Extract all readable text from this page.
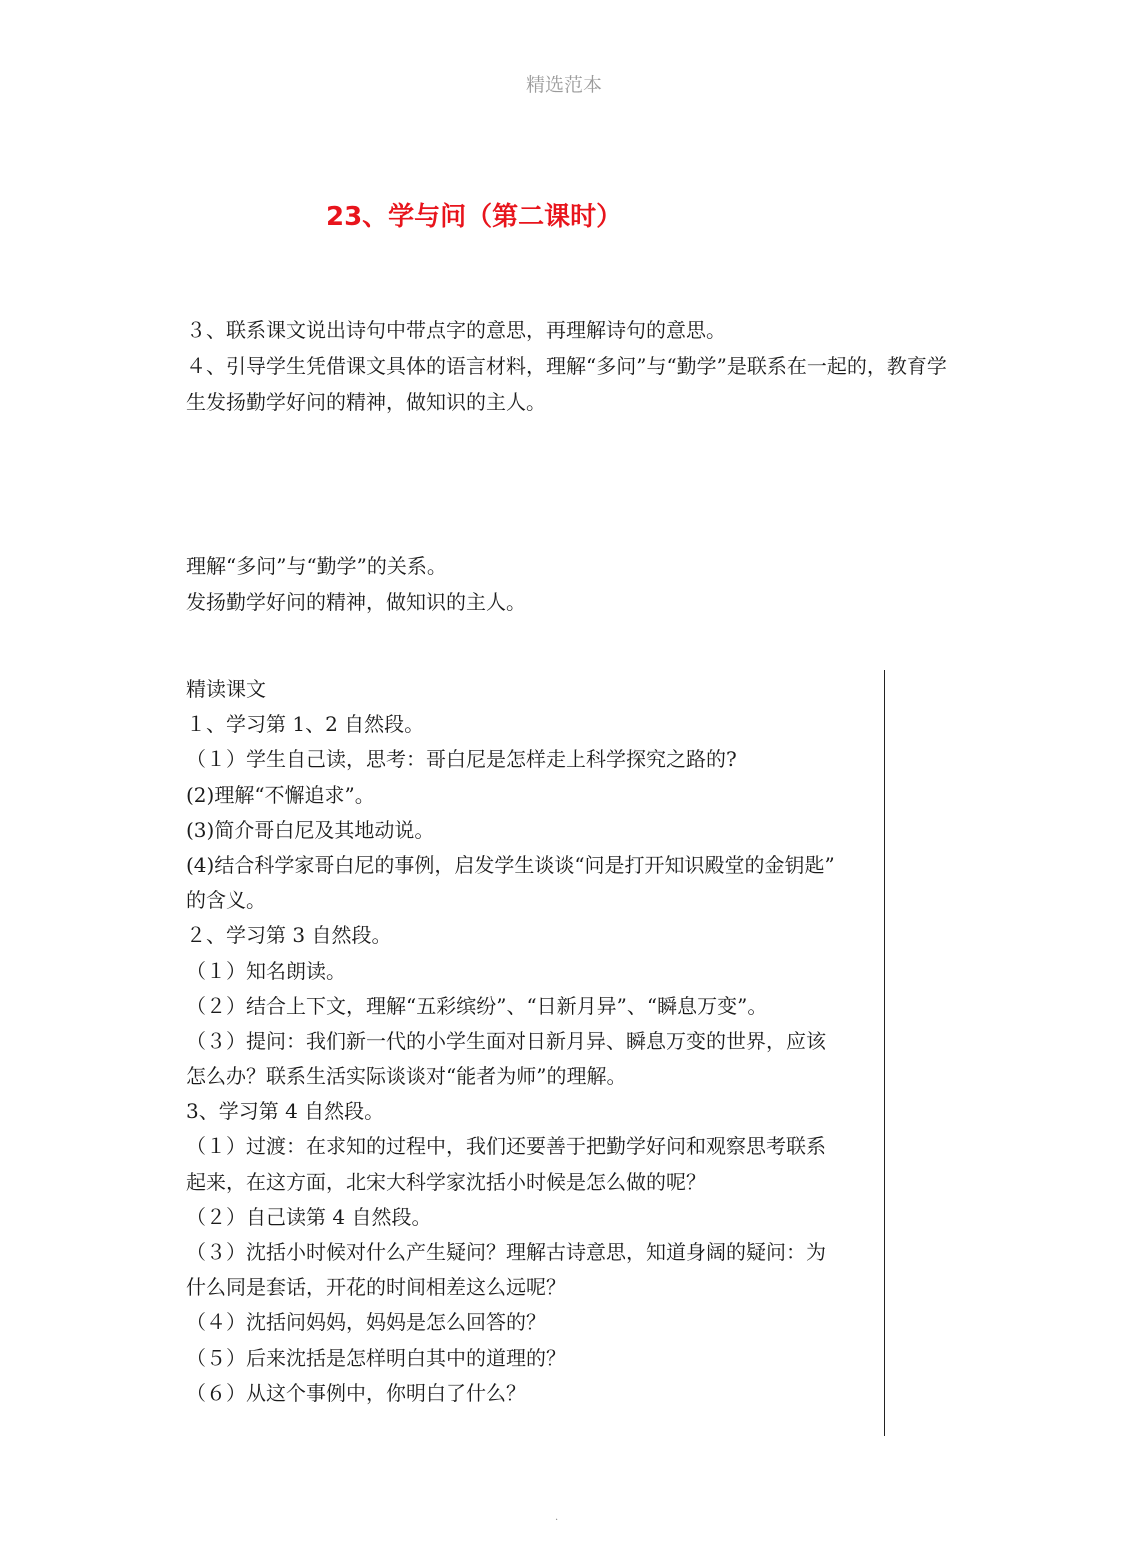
精选范本
23、学与问（第二课时）
３、联系课文说出诗句中带点字的意思，再理解诗句的意思。
４、引导学生凭借课文具体的语言材料，理解“多问”与“勤学”是联系在一起的，教育学
生发扬勤学好问的精神，做知识的主人。
理解“多问”与“勤学”的关系。
发扬勤学好问的精神，做知识的主人。
精读课文
１、学习第 1、2 自然段。
（１）学生自己读，思考：哥白尼是怎样走上科学探究之路的?
(2)理解“不懈追求”。
(3)简介哥白尼及其地动说。
(4)结合科学家哥白尼的事例，启发学生谈谈“问是打开知识殿堂的金钥匙”
的含义。
２、学习第 3 自然段。
（１）知名朗读。
（２）结合上下文，理解“五彩缤纷”、“日新月异”、“瞬息万变”。
（３）提问：我们新一代的小学生面对日新月异、瞬息万变的世界，应该
怎么办？联系生活实际谈谈对“能者为师”的理解。
3、学习第 4 自然段。
（１）过渡：在求知的过程中，我们还要善于把勤学好问和观察思考联系
起来，在这方面，北宋大科学家沈括小时候是怎么做的呢？
（２）自己读第 4 自然段。
（３）沈括小时候对什么产生疑问？理解古诗意思，知道身阔的疑问：为
什么同是套话，开花的时间相差这么远呢？
（４）沈括问妈妈，妈妈是怎么回答的？
（５）后来沈括是怎样明白其中的道理的？
（６）从这个事例中，你明白了什么？
.
